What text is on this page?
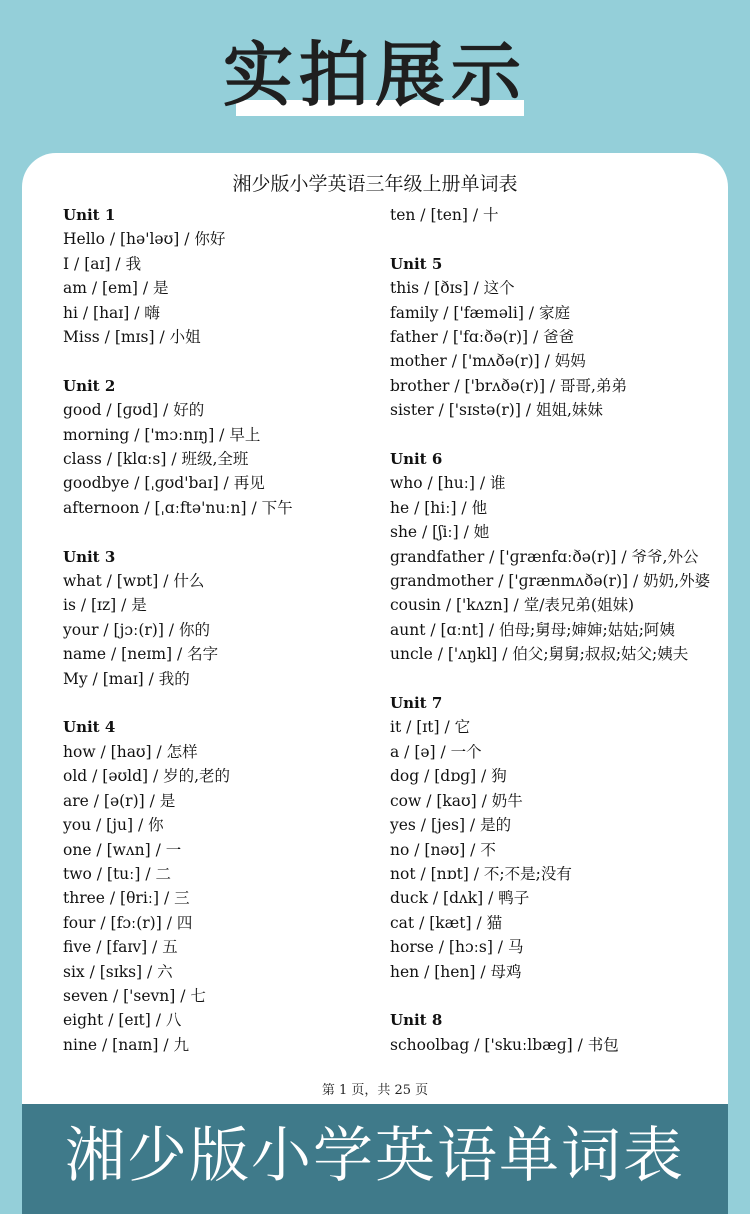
实拍展示
湘少版小学英语三年级上册单词表
Unit 1
Hello / [hə'ləʊ] / 你好
I / [aɪ] / 我
am / [em] / 是
hi / [haɪ] / 嗨
Miss / [mɪs] / 小姐
Unit 2
good / [ɡʊd] / 好的
morning / ['mɔːnɪŋ] / 早上
class / [klɑːs] / 班级,全班
goodbye / [ˌɡʊd'baɪ] / 再见
afternoon / [ˌɑːftə'nuːn] / 下午
Unit 3
what / [wɒt] / 什么
is / [ɪz] / 是
your / [jɔː(r)] / 你的
name / [neɪm] / 名字
My / [maɪ] / 我的
Unit 4
how / [haʊ] / 怎样
old / [əʊld] / 岁的,老的
are / [ə(r)] / 是
you / [ju] / 你
one / [wʌn] / 一
two / [tuː] / 二
three / [θriː] / 三
four / [fɔː(r)] / 四
five / [faɪv] / 五
six / [sɪks] / 六
seven / ['sevn] / 七
eight / [eɪt] / 八
nine / [naɪn] / 九
ten / [ten] / 十
Unit 5
this / [ðɪs] / 这个
family / ['fæməli] / 家庭
father / ['fɑːðə(r)] / 爸爸
mother / ['mʌðə(r)] / 妈妈
brother / ['brʌðə(r)] / 哥哥,弟弟
sister / ['sɪstə(r)] / 姐姐,妹妹
Unit 6
who / [huː] / 谁
he / [hiː] / 他
she / [ʃiː] / 她
grandfather / ['ɡrænfɑːðə(r)] / 爷爷,外公
grandmother / ['ɡrænmʌðə(r)] / 奶奶,外婆
cousin / ['kʌzn] / 堂/表兄弟(姐妹)
aunt / [ɑːnt] / 伯母;舅母;婶婶;姑姑;阿姨
uncle / ['ʌŋkl] / 伯父;舅舅;叔叔;姑父;姨夫
Unit 7
it / [ɪt] / 它
a / [ə] / 一个
dog / [dɒɡ] / 狗
cow / [kaʊ] / 奶牛
yes / [jes] / 是的
no / [nəʊ] / 不
not / [nɒt] / 不;不是;没有
duck / [dʌk] / 鸭子
cat / [kæt] / 猫
horse / [hɔːs] / 马
hen / [hen] / 母鸡
Unit 8
schoolbag / ['skuːlbæɡ] / 书包
第 1 页，共 25 页
湘少版小学英语单词表
